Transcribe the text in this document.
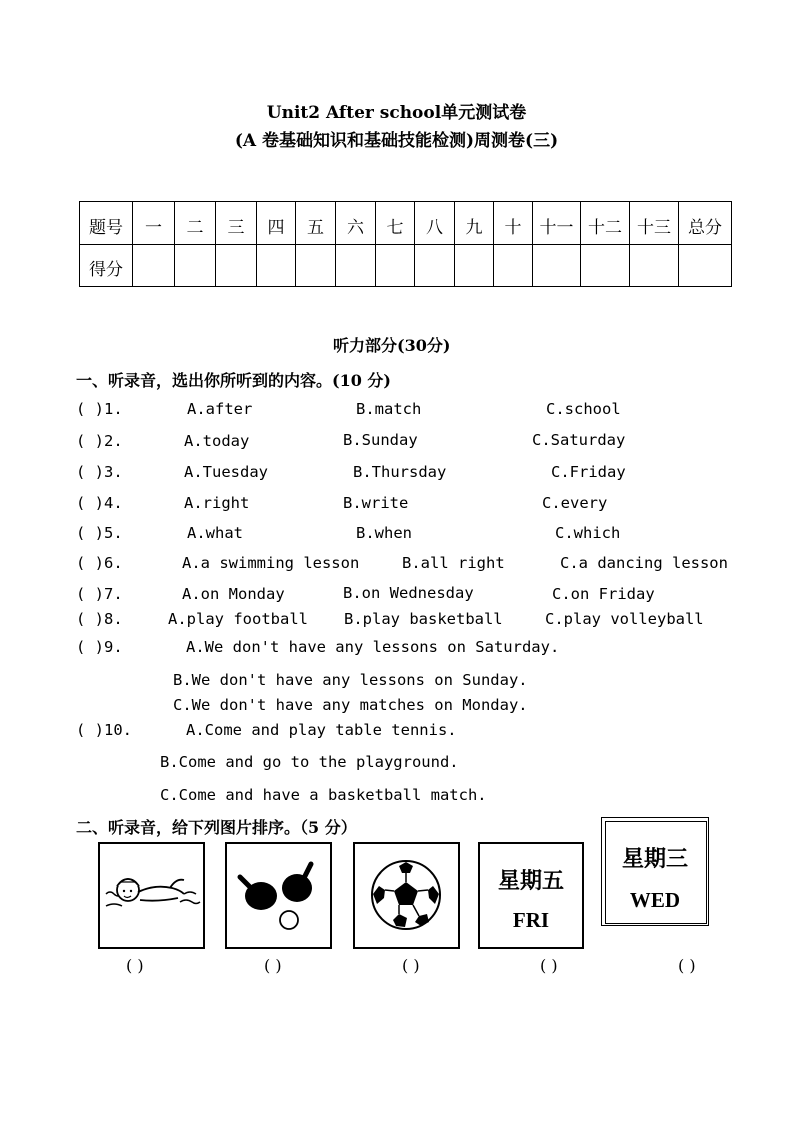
Unit2 After school单元测试卷
(A 卷基础知识和基础技能检测)周测卷(三)
题号	一	二	三	四	五	六	七	八	九	十	十一	十二	十三	总分
得分														
听力部分(30分)
一、听录音，选出你所听到的内容。(10 分)
( )1.	A.after	B.match	C.school
( )2.	A.today	B.Sunday	C.Saturday
( )3.	A.Tuesday	B.Thursday	C.Friday
( )4.	A.right	B.write	C.every
( )5.	A.what	B.when	C.which
( )6.	A.a swimming lesson	B.all right	C.a dancing lesson
( )7.	A.on Monday	B.on Wednesday	C.on Friday
( )8.	A.play football B.play basketball	C.play volleyball
( )9.	A.We don't have any lessons on Saturday.
B.We don't have any lessons on Sunday.
C.We don't have any matches on Monday.
( )10.	A.Come and play table tennis.
B.Come and go to the playground.
C.Come and have a basketball match.
二、听录音，给下列图片排序。（5 分）
星期五
FRI
星期三
WED
( )	( )	( )	( )	( )
